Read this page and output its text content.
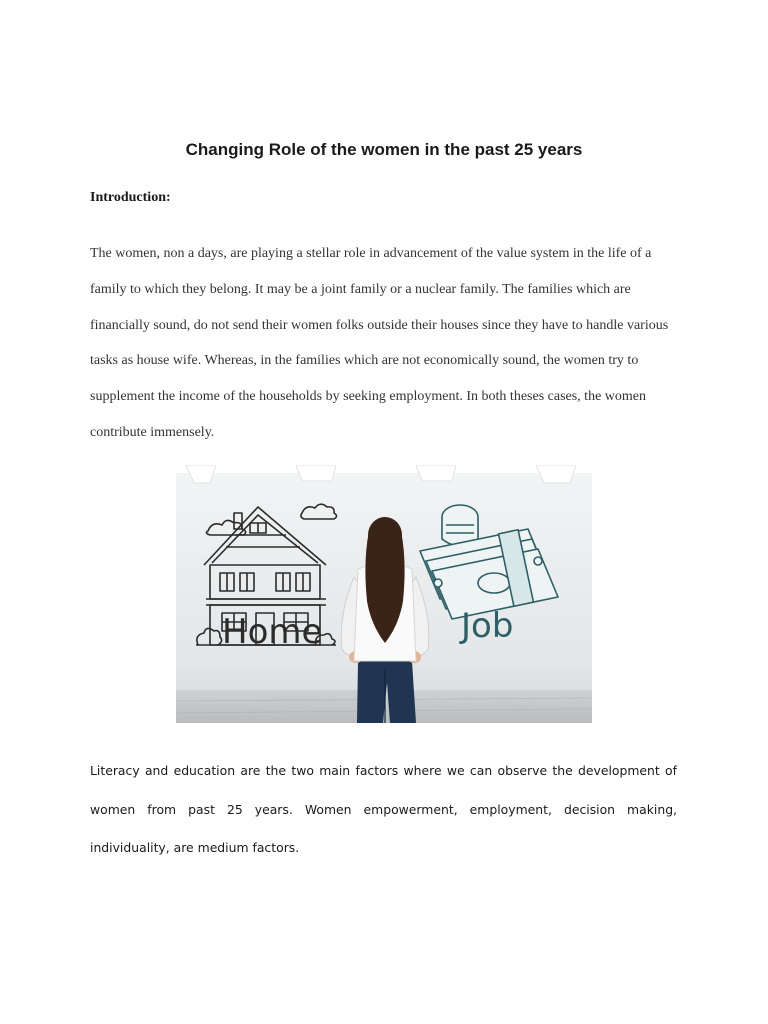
Changing Role of the women in the past 25 years
Introduction:

The women, non a days, are playing a stellar role in advancement of the value system in the life of a family to which they belong. It may be a joint family or a nuclear family. The families which are financially sound, do not send their women folks outside their houses since they have to handle various tasks as house wife. Whereas, in the families which are not economically sound, the women try to supplement the income of the households by seeking employment. In both theses cases, the women contribute immensely.

Home	Job

Literacy and education are the two main factors where we can observe the development of women from past 25 years. Women empowerment, employment, decision making, individuality, are medium factors.
